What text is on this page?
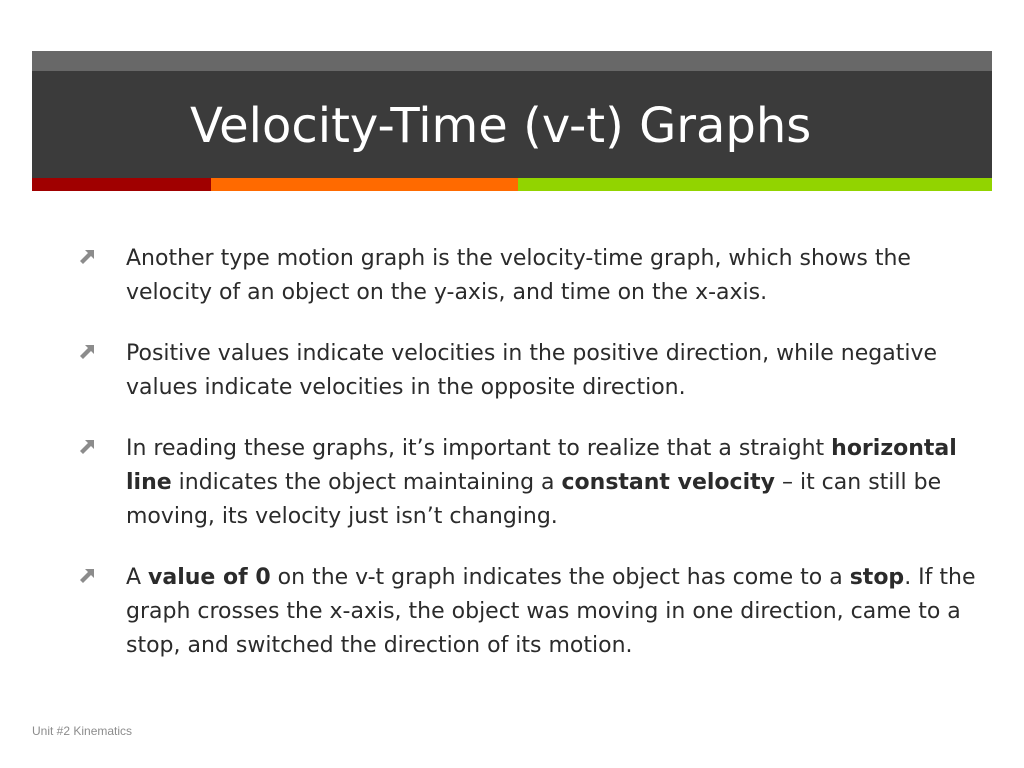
Velocity-Time (v-t) Graphs
Another type motion graph is the velocity-time graph, which shows the velocity of an object on the y-axis, and time on the x-axis.
Positive values indicate velocities in the positive direction, while negative values indicate velocities in the opposite direction.
In reading these graphs, it’s important to realize that a straight horizontal line indicates the object maintaining a constant velocity – it can still be moving, its velocity just isn’t changing.
A value of 0 on the v-t graph indicates the object has come to a stop. If the graph crosses the x-axis, the object was moving in one direction, came to a stop, and switched the direction of its motion.

Unit #2 Kinematics
